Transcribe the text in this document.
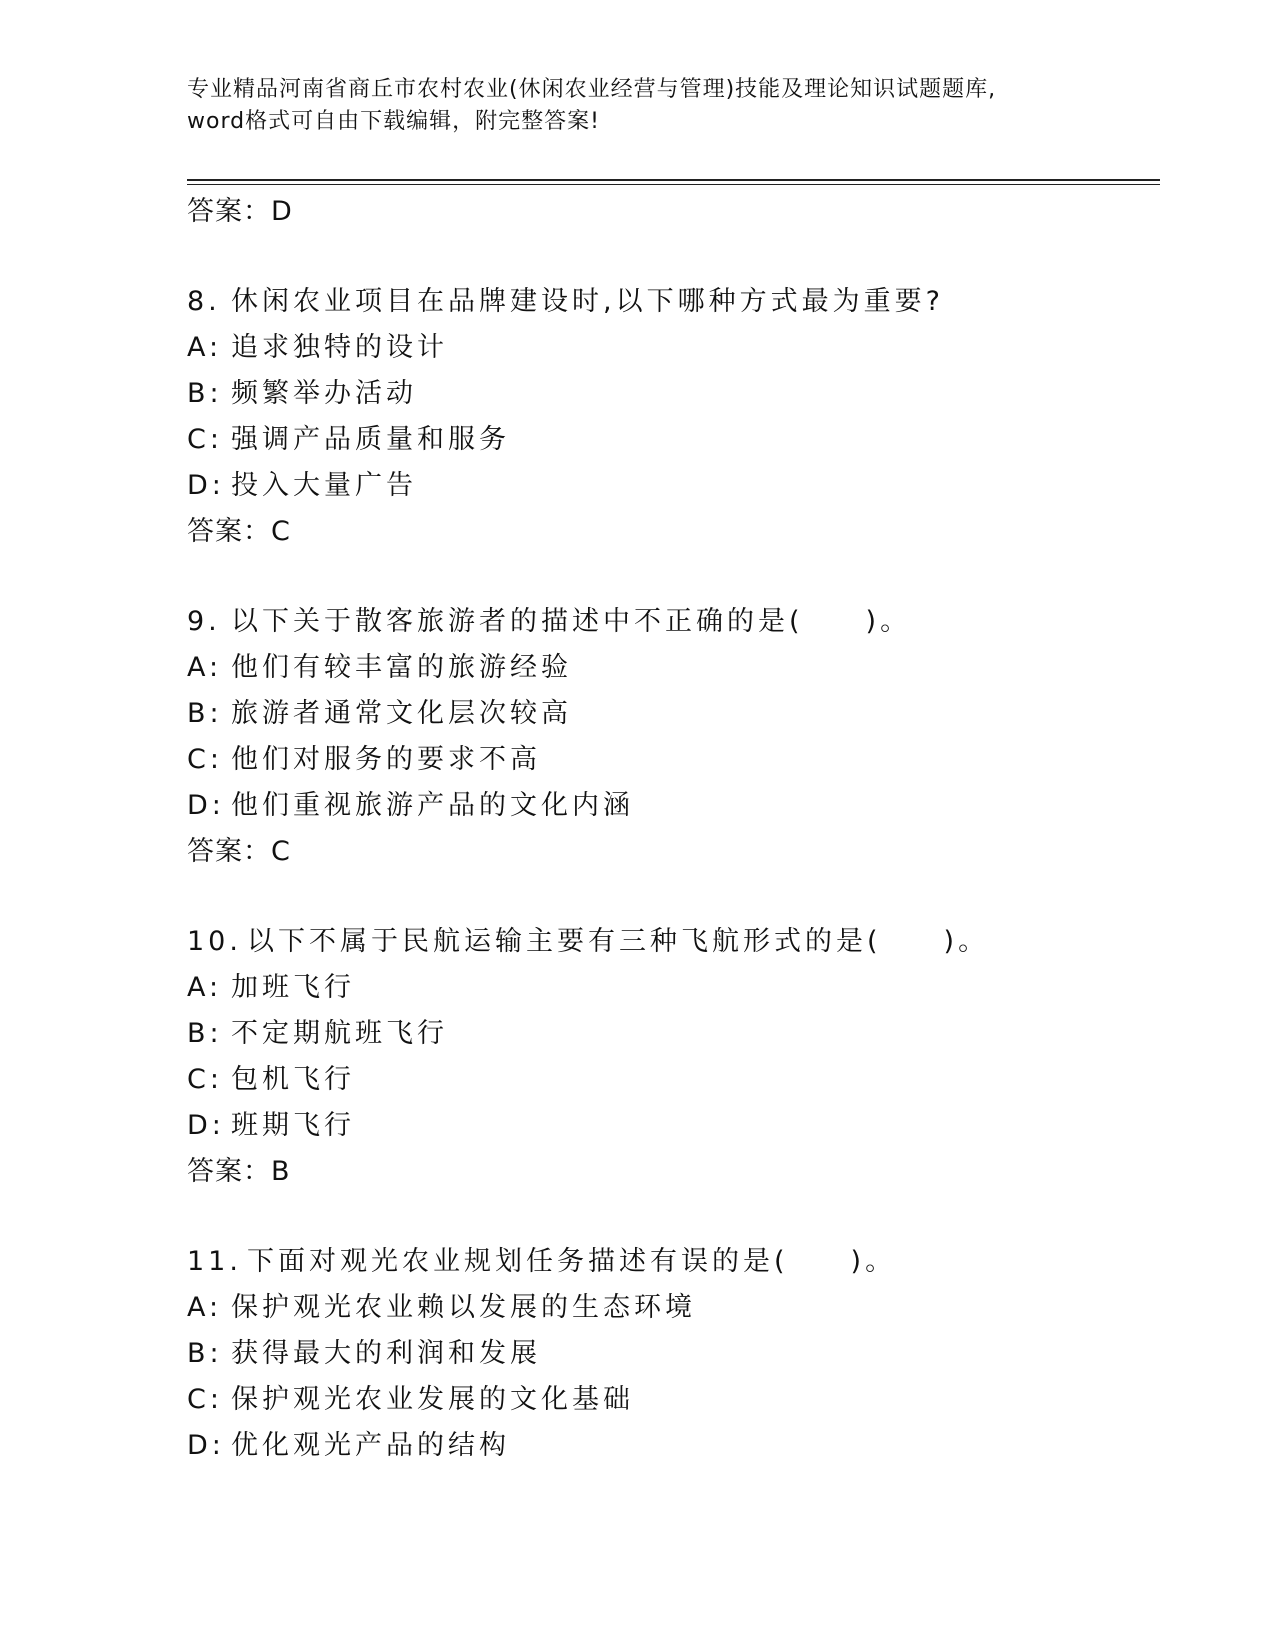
专业精品河南省商丘市农村农业(休闲农业经营与管理)技能及理论知识试题题库,
word格式可自由下载编辑，附完整答案!
答案：D
8. 休闲农业项目在品牌建设时,以下哪种方式最为重要?
A: 追求独特的设计
B: 频繁举办活动
C: 强调产品质量和服务
D: 投入大量广告
答案：C
9. 以下关于散客旅游者的描述中不正确的是(　　)。
A: 他们有较丰富的旅游经验
B: 旅游者通常文化层次较高
C: 他们对服务的要求不高
D: 他们重视旅游产品的文化内涵
答案：C
10. 以下不属于民航运输主要有三种飞航形式的是(　　)。
A: 加班飞行
B: 不定期航班飞行
C: 包机飞行
D: 班期飞行
答案：B
11. 下面对观光农业规划任务描述有误的是(　　)。
A: 保护观光农业赖以发展的生态环境
B: 获得最大的利润和发展
C: 保护观光农业发展的文化基础
D: 优化观光产品的结构
